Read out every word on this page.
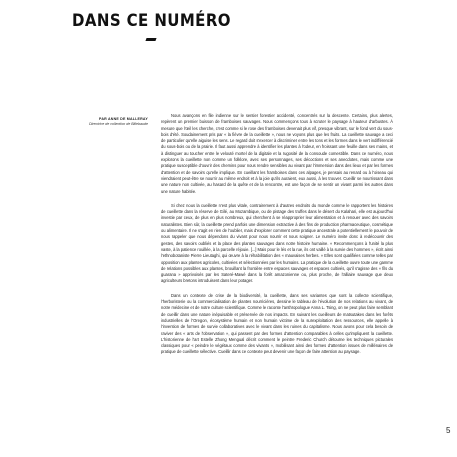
DANS CE NUMÉRO
PAR ANNE DE MALLERAY
Directrice de collection de Billebaude

Nous avançons en file indienne sur le sentier forestier accidenté, concentrés sur la descente. Certains, plus alertes, repèrent un premier buisson de framboises sauvages. Nous commençons tous à scruter le paysage à hauteur d'arbustes. À mesure que l'œil les cherche, c'est comme si le rose des framboises devenait plus vif, presque vibrant, sur le fond vert du sous-bois d'été. Soudainement pris par « la fièvre de la cueillette », nous ne voyons plus que les fruits. La cueillette sauvage a ceci de particulier qu'elle aiguise les sens. Le regard doit s'exercer à discriminer entre les tons et les formes dans le vert indifférencié du sous-bois ou de la prairie. Il faut aussi apprendre à identifier les plantes à l'odeur, en froissant une feuille dans ses mains, et à distinguer au toucher entre le velouté mortel de la digitale et la rugosité de la consoude comestible. Dans ce numéro, nous explorons la cueillette non comme un folklore, avec ses personnages, ses décoctions et ses anecdotes, mais comme une pratique susceptible d'ouvrir des chemins pour nous rendre sensibles au vivant par l'immersion dans des lieux et par les formes d'attention et de savoirs qu'elle implique. En cueillant les framboises dans ces alpages, je pensais au renard ou à l'oiseau qui viendraient peut-être se nourrir au même endroit et à la joie qu'ils auraient, eux aussi, à les trouver. Cueillir se nourrissant dans une nature non cultivée, au hasard de la quête et de la rencontre, est une façon de se sentir un vivant parmi les autres dans une nature habitée.

Si chez nous la cueillette n'est plus vitale, contrairement à d'autres endroits du monde comme le rapportent les histoires de cueillette dans la réserve de Gilé, au Mozambique, ou de pistage des truffes dans le désert du Kalahari, elle est aujourd'hui investie par ceux, de plus en plus nombreux, qui cherchent à se réapproprier leur alimentation et à renouer avec des savoirs naturalistes. Bien sûr, la cueillette prend parfois une dimension extractive à des fins de production pharmaceutique, cosmétique ou alimentaire. Il ne s'agit en rien de l'oublier, mais d'explorer comment cette pratique ancestrale a potentiellement le pouvoir de nous rappeler que nous dépendons du vivant pour nous nourrir et nous soigner. Le numéro invite donc à redécouvrir des gestes, des savoirs oubliés et la place des plantes sauvages dans notre histoire humaine. « Recommençons à l'unité la plus vaste, à la patience rouillée, à la parcelle réjouie. [...] Mais pour le lés et la rue, ils ont vaillé à la survie des hommes », écrit ainsi l'ethnobotaniste Pierre Lieutaghi, qui œuvre à la réhabilitation des « mauvaises herbes. » Elles sont qualifiées comme telles par opposition aux plantes agricoles, cultivées et sélectionnées par les humains. La pratique de la cueillette ouvre toute une gamme de relations possibles aux plantes, brouillant la frontière entre espaces sauvages et espaces cultivés, qu'il s'agisse des « fils du guarana » apprivoisés par les Sateré-Mawé dans la forêt amazonienne ou, plus proche, de l'alliaire sauvage que deux agriculteurs bretons introduisent dans leur potager.

Dans un contexte de crise de la biodiversité, la cueillette, dans ses variantes que sont la collecte scientifique, l'herboristerie ou la commercialisation de plantes nourricières, dessine le tableau de l'évolution de nos relations au vivant, de notre médecine et de notre culture scientifique. Comme le raconte l'anthropologue Anna L. Tsing, on ne peut plus faire semblant de cueillir dans une nature inépuisable et préservée de nos impacts. En suivant les cueilleurs de matsutakes dans les forêts industrielles de l'Oregon, écosystème humain et non humain victime de la surexploitation des ressources, elle appelle à l'invention de formes de survie collaboratives avec le vivant dans les ruines du capitalisme. Nous avons pour cela besoin de raviver des « arts de l'observation », qui passent par des formes d'attention comparables à celles qu'impliquent la cueillette. L'historienne de l'art Estelle Zhong Mengual décrit comment le peintre Frederic Church détourne les techniques picturales classiques pour « peindre le végétaux comme des vivants », mobilisant ainsi des formes d'attention issues de millénaires de pratique de cueillette sélective. Cueillir dans ce contexte peut devenir une façon de faire attention au paysage.

5
